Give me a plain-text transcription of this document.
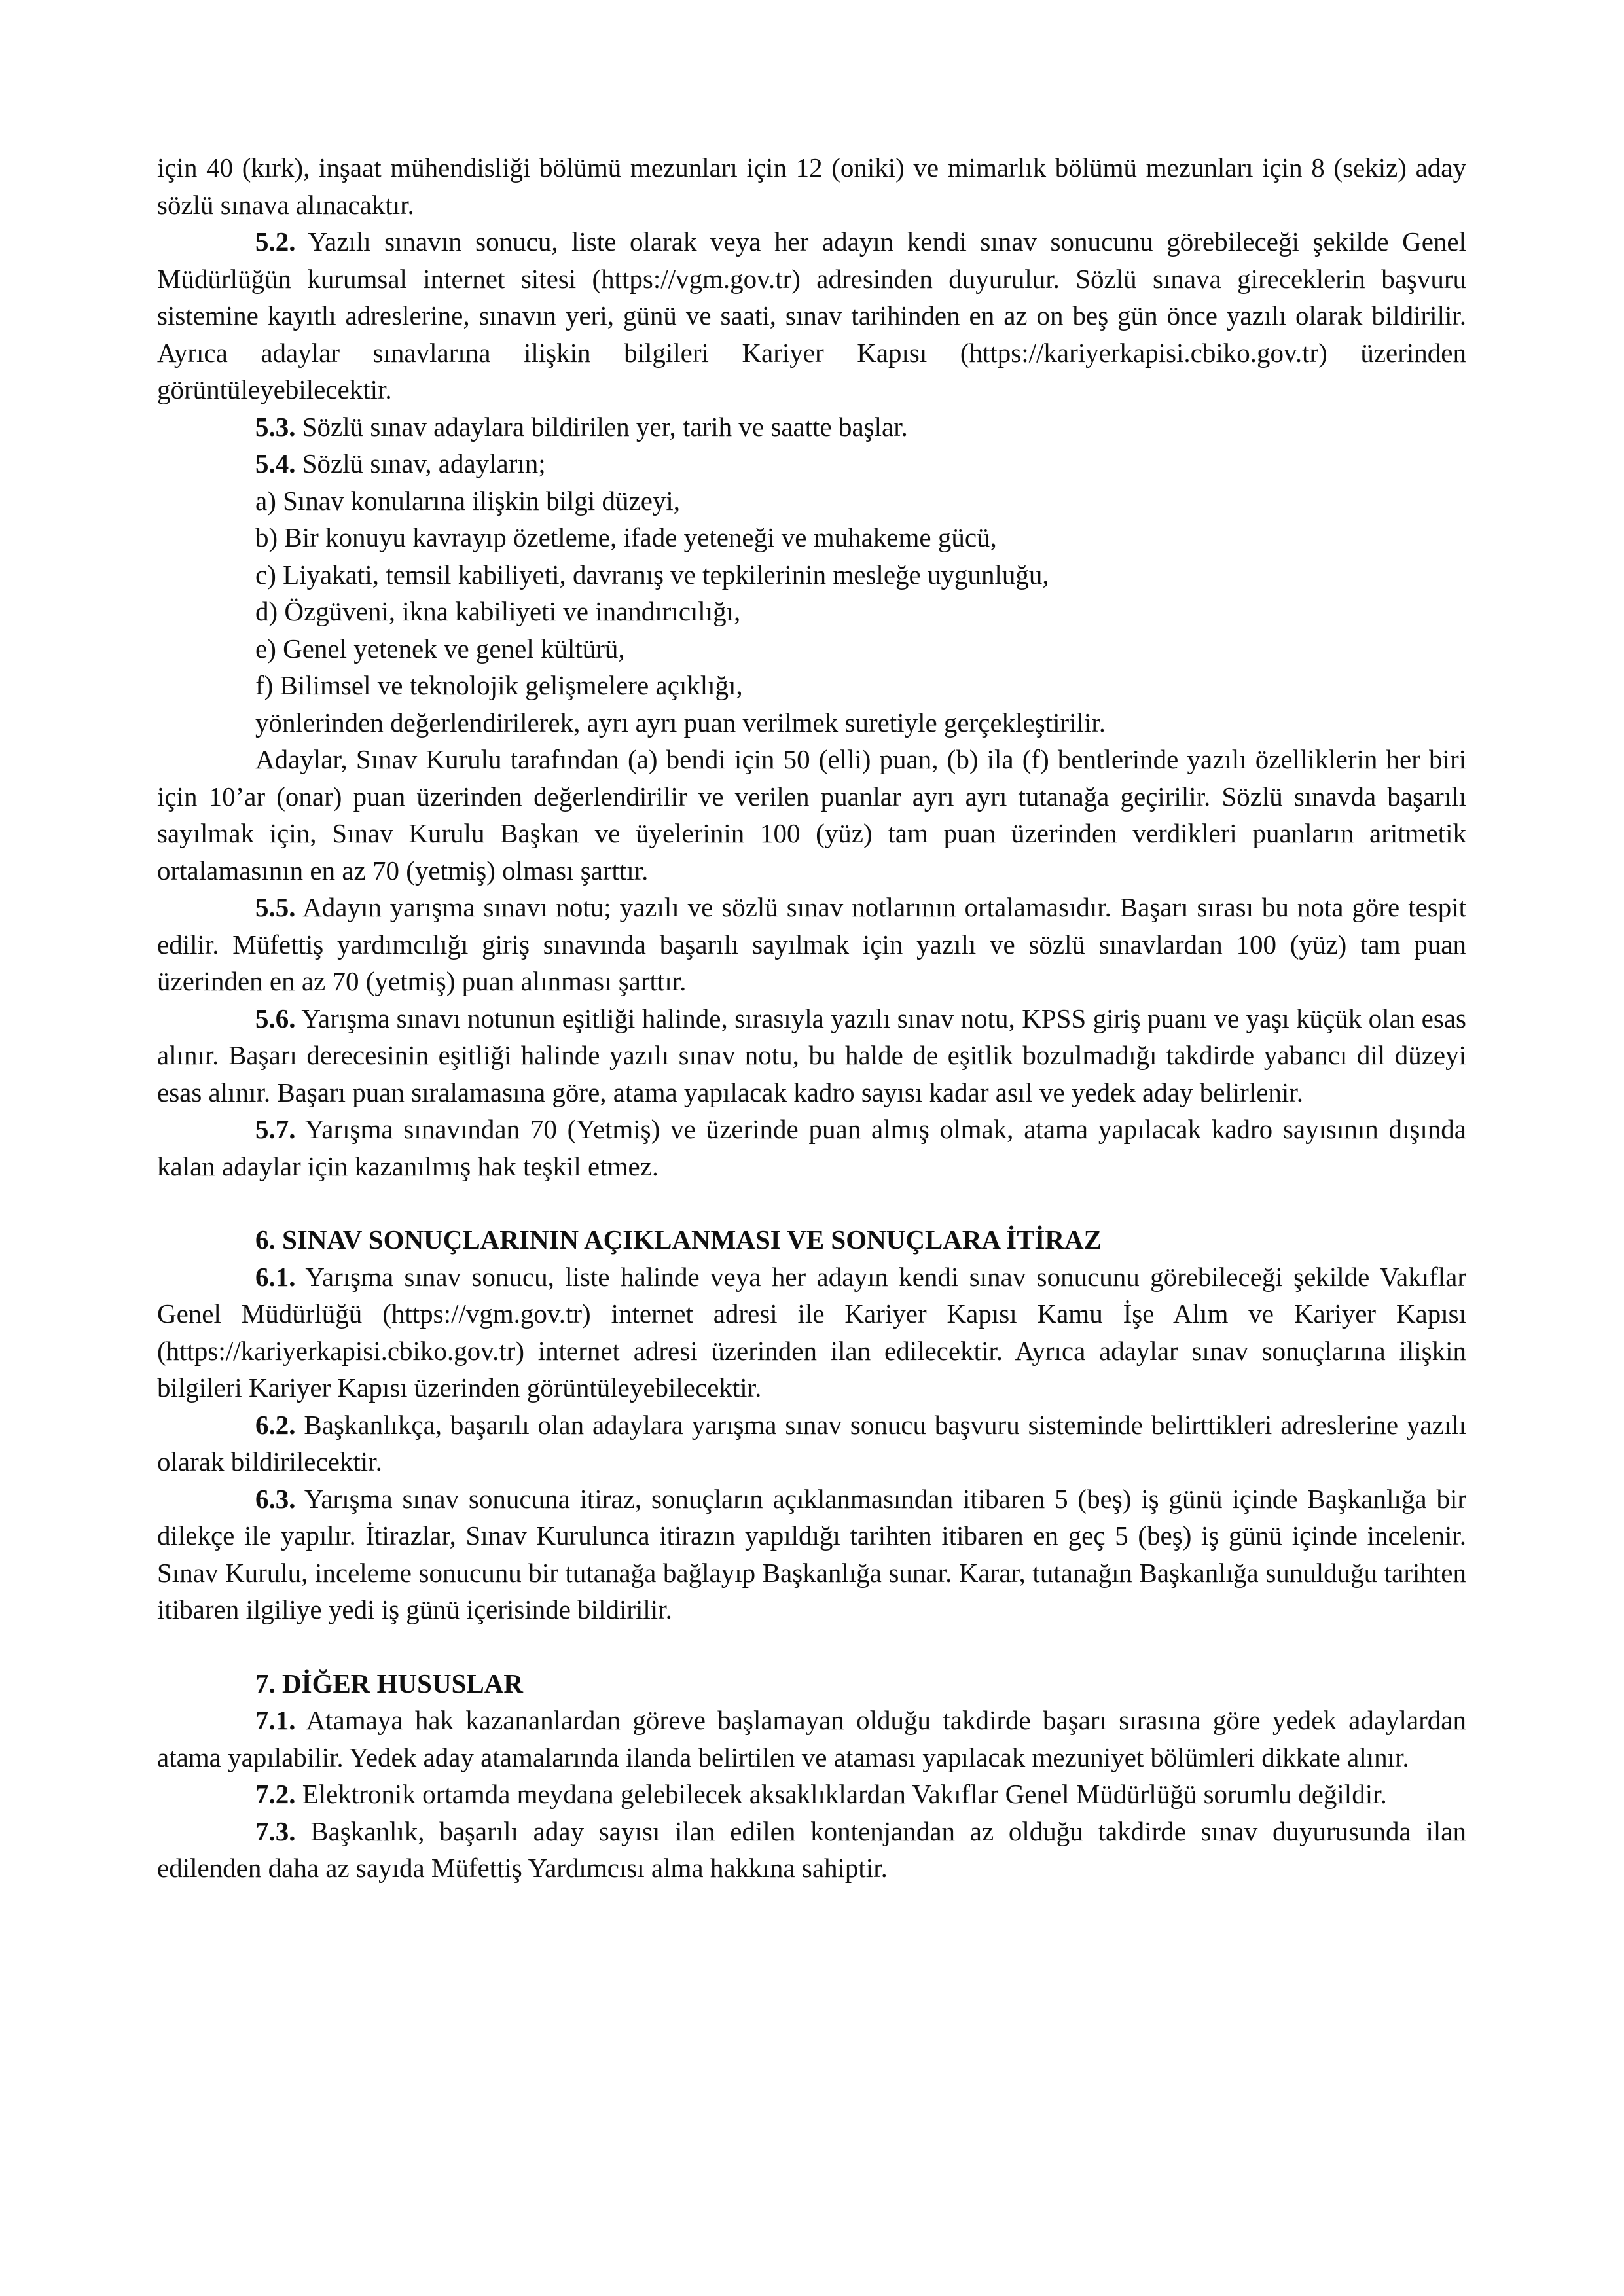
için 40 (kırk), inşaat mühendisliği bölümü mezunları için 12 (oniki) ve mimarlık bölümü mezunları için 8 (sekiz) aday sözlü sınava alınacaktır.

5.2. Yazılı sınavın sonucu, liste olarak veya her adayın kendi sınav sonucunu görebileceği şekilde Genel Müdürlüğün kurumsal internet sitesi (https://vgm.gov.tr) adresinden duyurulur. Sözlü sınava gireceklerin başvuru sistemine kayıtlı adreslerine, sınavın yeri, günü ve saati, sınav tarihinden en az on beş gün önce yazılı olarak bildirilir. Ayrıca adaylar sınavlarına ilişkin bilgileri Kariyer Kapısı (https://kariyerkapisi.cbiko.gov.tr) üzerinden görüntüleyebilecektir.

5.3. Sözlü sınav adaylara bildirilen yer, tarih ve saatte başlar.

5.4. Sözlü sınav, adayların;

a) Sınav konularına ilişkin bilgi düzeyi,

b) Bir konuyu kavrayıp özetleme, ifade yeteneği ve muhakeme gücü,

c) Liyakati, temsil kabiliyeti, davranış ve tepkilerinin mesleğe uygunluğu,

d) Özgüveni, ikna kabiliyeti ve inandırıcılığı,

e) Genel yetenek ve genel kültürü,

f) Bilimsel ve teknolojik gelişmelere açıklığı,

yönlerinden değerlendirilerek, ayrı ayrı puan verilmek suretiyle gerçekleştirilir.

Adaylar, Sınav Kurulu tarafından (a) bendi için 50 (elli) puan, (b) ila (f) bentlerinde yazılı özelliklerin her biri için 10’ar (onar) puan üzerinden değerlendirilir ve verilen puanlar ayrı ayrı tutanağa geçirilir. Sözlü sınavda başarılı sayılmak için, Sınav Kurulu Başkan ve üyelerinin 100 (yüz) tam puan üzerinden verdikleri puanların aritmetik ortalamasının en az 70 (yetmiş) olması şarttır.

5.5. Adayın yarışma sınavı notu; yazılı ve sözlü sınav notlarının ortalamasıdır. Başarı sırası bu nota göre tespit edilir. Müfettiş yardımcılığı giriş sınavında başarılı sayılmak için yazılı ve sözlü sınavlardan 100 (yüz) tam puan üzerinden en az 70 (yetmiş) puan alınması şarttır.

5.6. Yarışma sınavı notunun eşitliği halinde, sırasıyla yazılı sınav notu, KPSS giriş puanı ve yaşı küçük olan esas alınır. Başarı derecesinin eşitliği halinde yazılı sınav notu, bu halde de eşitlik bozulmadığı takdirde yabancı dil düzeyi esas alınır. Başarı puan sıralamasına göre, atama yapılacak kadro sayısı kadar asıl ve yedek aday belirlenir.

5.7. Yarışma sınavından 70 (Yetmiş) ve üzerinde puan almış olmak, atama yapılacak kadro sayısının dışında kalan adaylar için kazanılmış hak teşkil etmez.

6. SINAV SONUÇLARININ AÇIKLANMASI VE SONUÇLARA İTİRAZ

6.1. Yarışma sınav sonucu, liste halinde veya her adayın kendi sınav sonucunu görebileceği şekilde Vakıflar Genel Müdürlüğü (https://vgm.gov.tr) internet adresi ile Kariyer Kapısı Kamu İşe Alım ve Kariyer Kapısı (https://kariyerkapisi.cbiko.gov.tr) internet adresi üzerinden ilan edilecektir. Ayrıca adaylar sınav sonuçlarına ilişkin bilgileri Kariyer Kapısı üzerinden görüntüleyebilecektir.

6.2. Başkanlıkça, başarılı olan adaylara yarışma sınav sonucu başvuru sisteminde belirttikleri adreslerine yazılı olarak bildirilecektir.

6.3. Yarışma sınav sonucuna itiraz, sonuçların açıklanmasından itibaren 5 (beş) iş günü içinde Başkanlığa bir dilekçe ile yapılır. İtirazlar, Sınav Kurulunca itirazın yapıldığı tarihten itibaren en geç 5 (beş) iş günü içinde incelenir. Sınav Kurulu, inceleme sonucunu bir tutanağa bağlayıp Başkanlığa sunar. Karar, tutanağın Başkanlığa sunulduğu tarihten itibaren ilgiliye yedi iş günü içerisinde bildirilir.

7. DİĞER HUSUSLAR

7.1. Atamaya hak kazananlardan göreve başlamayan olduğu takdirde başarı sırasına göre yedek adaylardan atama yapılabilir. Yedek aday atamalarında ilanda belirtilen ve ataması yapılacak mezuniyet bölümleri dikkate alınır.

7.2. Elektronik ortamda meydana gelebilecek aksaklıklardan Vakıflar Genel Müdürlüğü sorumlu değildir.

7.3. Başkanlık, başarılı aday sayısı ilan edilen kontenjandan az olduğu takdirde sınav duyurusunda ilan edilenden daha az sayıda Müfettiş Yardımcısı alma hakkına sahiptir.
